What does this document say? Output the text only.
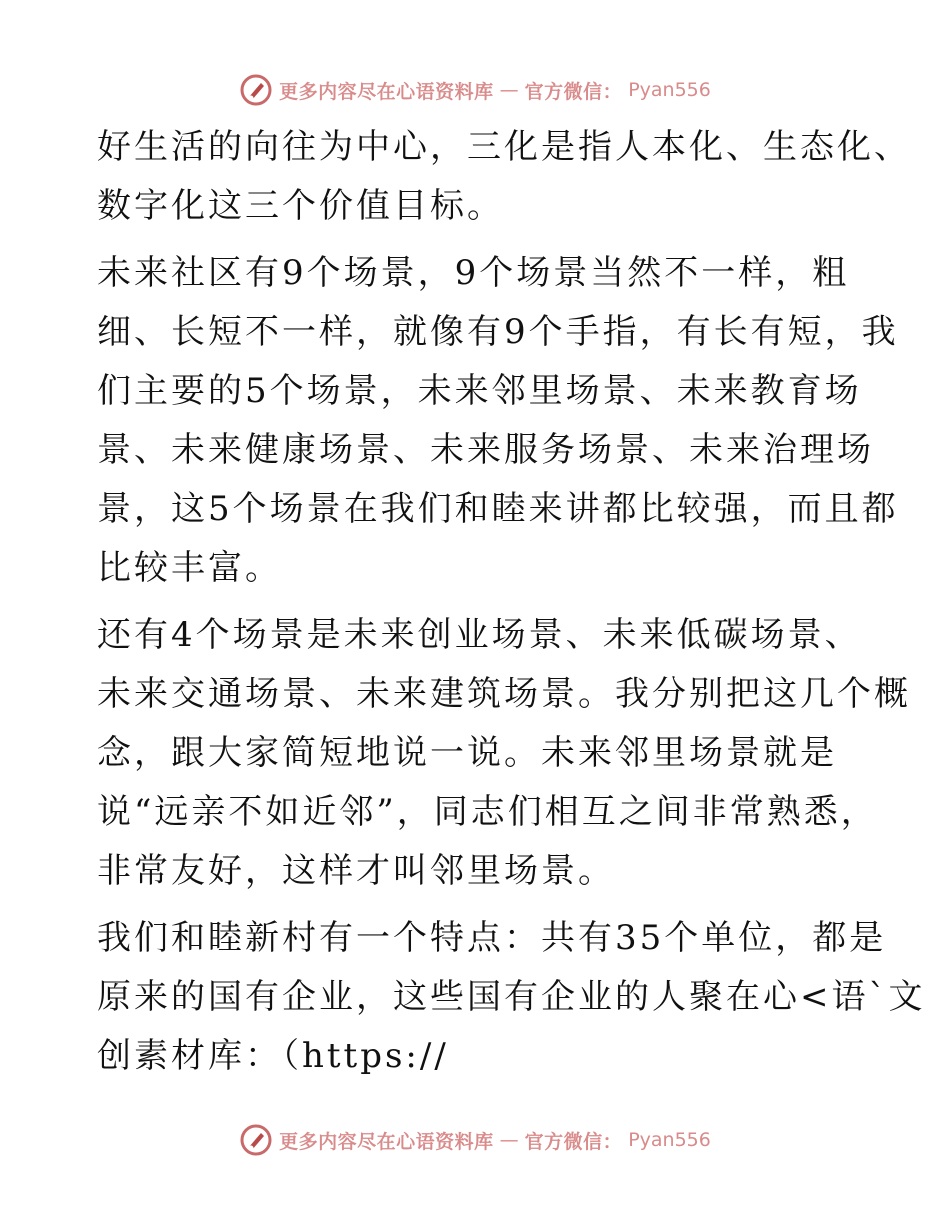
更多内容尽在心语资料库 — 官方微信： Pyan556

好生活的向往为中心，三化是指人本化、生态化、
数字化这三个价值目标。

未来社区有9个场景，9个场景当然不一样，粗
细、长短不一样，就像有9个手指，有长有短，我
们主要的5个场景，未来邻里场景、未来教育场
景、未来健康场景、未来服务场景、未来治理场
景，这5个场景在我们和睦来讲都比较强，而且都
比较丰富。

还有4个场景是未来创业场景、未来低碳场景、
未来交通场景、未来建筑场景。我分别把这几个概
念，跟大家简短地说一说。未来邻里场景就是
说“远亲不如近邻”，同志们相互之间非常熟悉，
非常友好，这样才叫邻里场景。

我们和睦新村有一个特点：共有35个单位，都是
原来的国有企业，这些国有企业的人聚在心<语`文
创素材库：（https://

更多内容尽在心语资料库 — 官方微信： Pyan556
